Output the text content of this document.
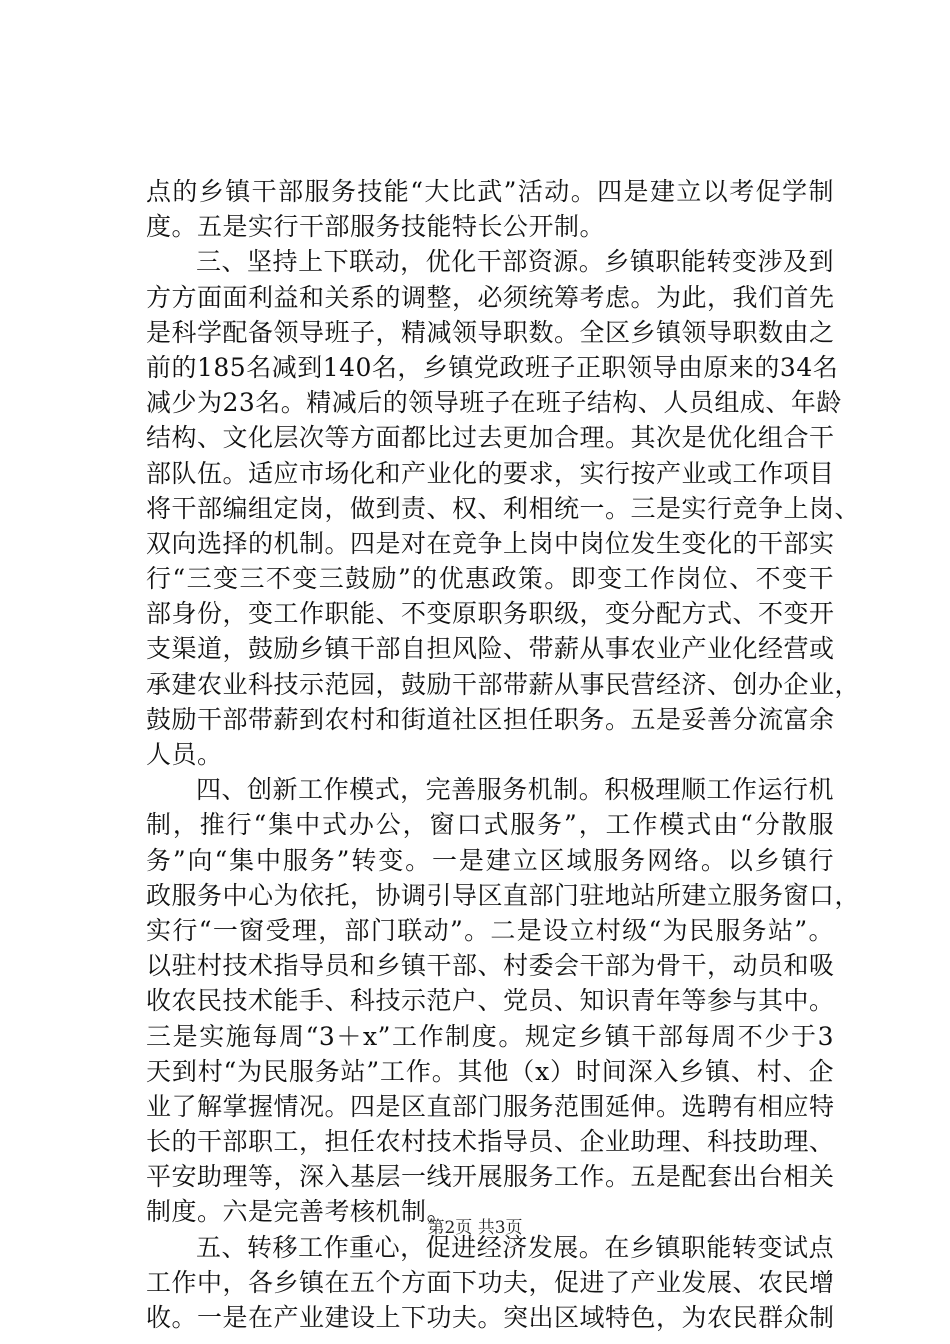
点的乡镇干部服务技能“大比武”活动。四是建立以考促学制
度。五是实行干部服务技能特长公开制。
三、坚持上下联动，优化干部资源。乡镇职能转变涉及到
方方面面利益和关系的调整，必须统筹考虑。为此，我们首先
是科学配备领导班子，精减领导职数。全区乡镇领导职数由之
前的185名减到140名，乡镇党政班子正职领导由原来的34名
减少为23名。精减后的领导班子在班子结构、人员组成、年龄
结构、文化层次等方面都比过去更加合理。其次是优化组合干
部队伍。适应市场化和产业化的要求，实行按产业或工作项目
将干部编组定岗，做到责、权、利相统一。三是实行竞争上岗、
双向选择的机制。四是对在竞争上岗中岗位发生变化的干部实
行“三变三不变三鼓励”的优惠政策。即变工作岗位、不变干
部身份，变工作职能、不变原职务职级，变分配方式、不变开
支渠道，鼓励乡镇干部自担风险、带薪从事农业产业化经营或
承建农业科技示范园，鼓励干部带薪从事民营经济、创办企业，
鼓励干部带薪到农村和街道社区担任职务。五是妥善分流富余
人员。
四、创新工作模式，完善服务机制。积极理顺工作运行机
制，推行“集中式办公，窗口式服务”，工作模式由“分散服
务”向“集中服务”转变。一是建立区域服务网络。以乡镇行
政服务中心为依托，协调引导区直部门驻地站所建立服务窗口，
实行“一窗受理，部门联动”。二是设立村级“为民服务站”。
以驻村技术指导员和乡镇干部、村委会干部为骨干，动员和吸
收农民技术能手、科技示范户、党员、知识青年等参与其中。
三是实施每周“3＋x”工作制度。规定乡镇干部每周不少于3
天到村“为民服务站”工作。其他（x）时间深入乡镇、村、企
业了解掌握情况。四是区直部门服务范围延伸。选聘有相应特
长的干部职工，担任农村技术指导员、企业助理、科技助理、
平安助理等，深入基层一线开展服务工作。五是配套出台相关
制度。六是完善考核机制。
五、转移工作重心，促进经济发展。在乡镇职能转变试点
工作中，各乡镇在五个方面下功夫，促进了产业发展、农民增
收。一是在产业建设上下功夫。突出区域特色，为农民群众制
第2页 共3页
